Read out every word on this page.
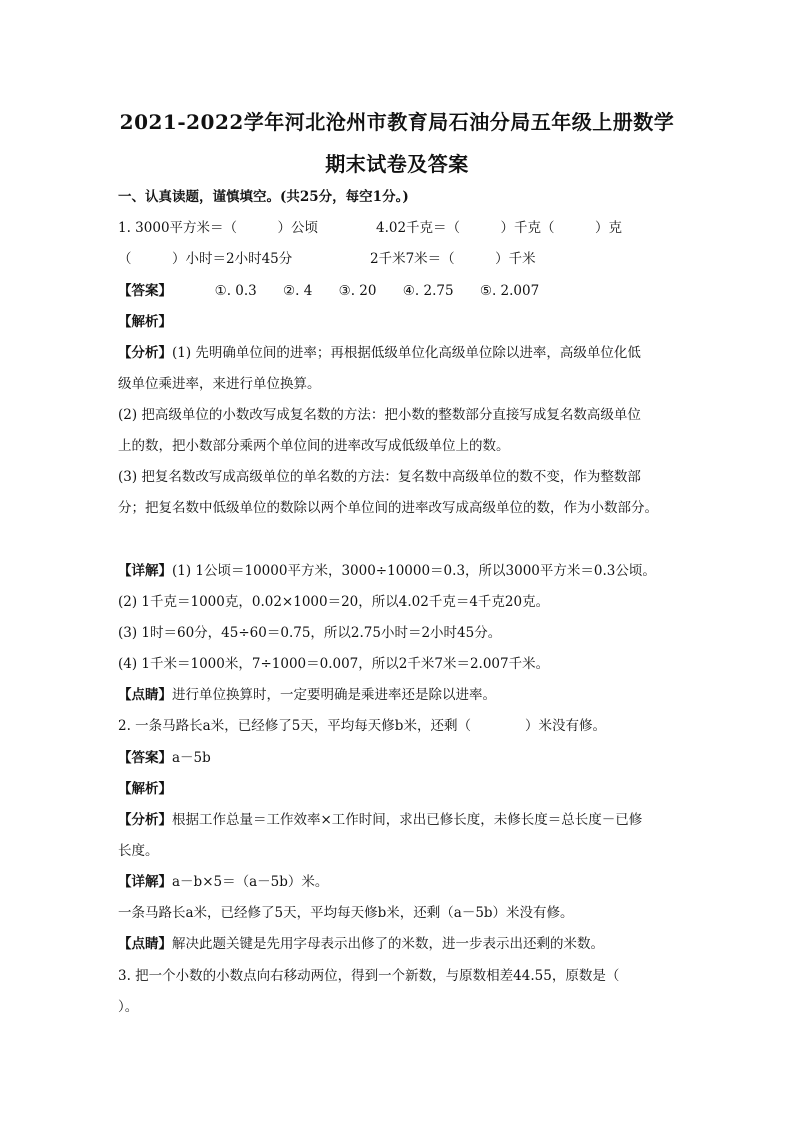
2021-2022学年河北沧州市教育局石油分局五年级上册数学
期末试卷及答案
一、认真读题，谨慎填空。(共25分，每空1分。)
1. 3000平方米＝（　　　）公顷	4.02千克＝（　　　）千克（　　　）克
（　　　）小时＝2小时45分	2千米7米＝（　　　）千米
【答案】	①. 0.3 ②. 4 ③. 20 ④. 2.75 ⑤. 2.007
【解析】
【分析】(1) 先明确单位间的进率；再根据低级单位化高级单位除以进率，高级单位化低
级单位乘进率，来进行单位换算。
(2) 把高级单位的小数改写成复名数的方法：把小数的整数部分直接写成复名数高级单位
上的数，把小数部分乘两个单位间的进率改写成低级单位上的数。
(3) 把复名数改写成高级单位的单名数的方法：复名数中高级单位的数不变，作为整数部
分；把复名数中低级单位的数除以两个单位间的进率改写成高级单位的数，作为小数部分。
【详解】(1) 1公顷＝10000平方米，3000÷10000＝0.3，所以3000平方米＝0.3公顷。
(2) 1千克＝1000克，0.02×1000＝20，所以4.02千克＝4千克20克。
(3) 1时＝60分，45÷60＝0.75，所以2.75小时＝2小时45分。
(4) 1千米＝1000米，7÷1000＝0.007，所以2千米7米＝2.007千米。
【点睛】进行单位换算时，一定要明确是乘进率还是除以进率。
2. 一条马路长a米，已经修了5天，平均每天修b米，还剩（　　　　）米没有修。
【答案】a－5b
【解析】
【分析】根据工作总量＝工作效率×工作时间，求出已修长度，未修长度＝总长度－已修
长度。
【详解】a－b×5＝（a－5b）米。
一条马路长a米，已经修了5天，平均每天修b米，还剩（a－5b）米没有修。
【点睛】解决此题关键是先用字母表示出修了的米数，进一步表示出还剩的米数。
3. 把一个小数的小数点向右移动两位，得到一个新数，与原数相差44.55，原数是（
）。
